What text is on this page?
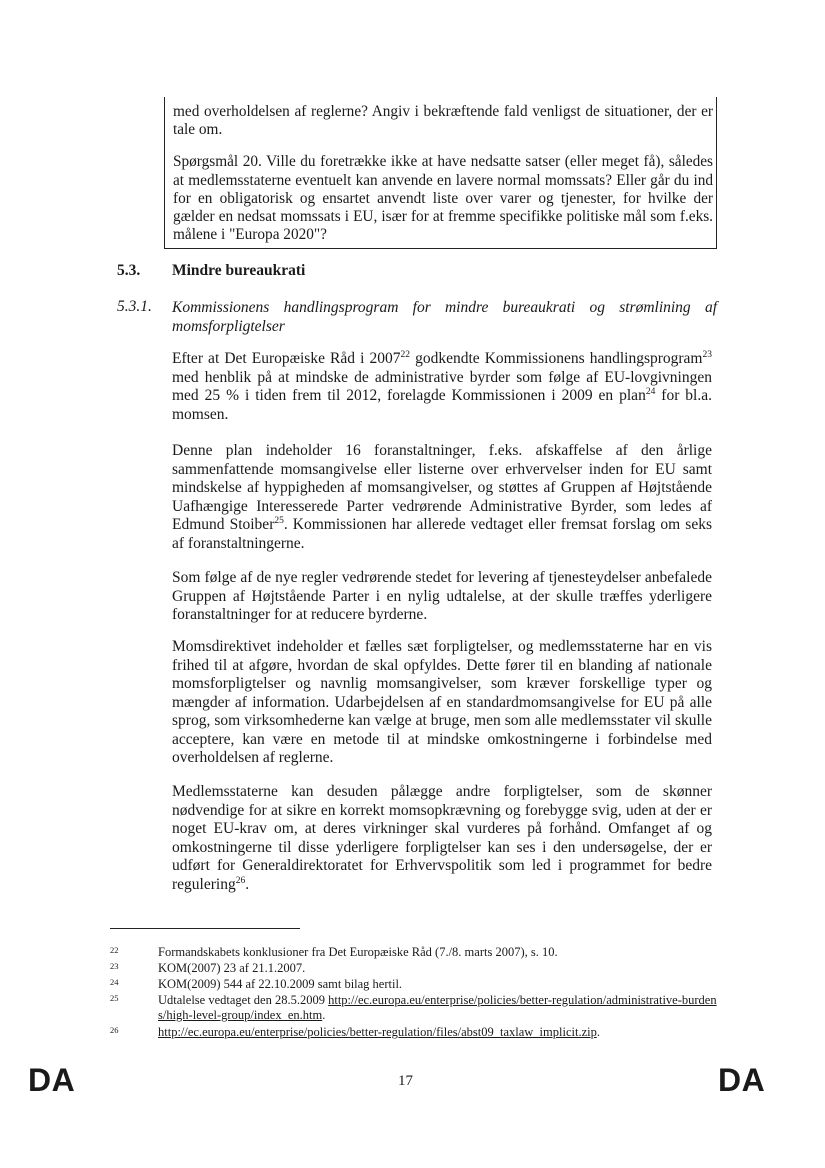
med overholdelsen af reglerne? Angiv i bekræftende fald venligst de situationer, der er tale om.

Spørgsmål 20. Ville du foretrække ikke at have nedsatte satser (eller meget få), således at medlemsstaterne eventuelt kan anvende en lavere normal momssats? Eller går du ind for en obligatorisk og ensartet anvendt liste over varer og tjenester, for hvilke der gælder en nedsat momssats i EU, især for at fremme specifikke politiske mål som f.eks. målene i "Europa 2020"?

5.3. Mindre bureaukrati
5.3.1. Kommissionens handlingsprogram for mindre bureaukrati og strømlining af momsforpligtelser

Efter at Det Europæiske Råd i 2007$^{22}$ godkendte Kommissionens handlingsprogram$^{23}$ med henblik på at mindske de administrative byrder som følge af EU-lovgivningen med 25 % i tiden frem til 2012, forelagde Kommissionen i 2009 en plan$^{24}$ for bl.a. momsen.

Denne plan indeholder 16 foranstaltninger, f.eks. afskaffelse af den årlige sammenfattende momsangivelse eller listerne over erhvervelser inden for EU samt mindskelse af hyppigheden af momsangivelser, og støttes af Gruppen af Højtstående Uafhængige Interesserede Parter vedrørende Administrative Byrder, som ledes af Edmund Stoiber$^{25}$. Kommissionen har allerede vedtaget eller fremsat forslag om seks af foranstaltningerne.

Som følge af de nye regler vedrørende stedet for levering af tjenesteydelser anbefalede Gruppen af Højtstående Parter i en nylig udtalelse, at der skulle træffes yderligere foranstaltninger for at reducere byrderne.

Momsdirektivet indeholder et fælles sæt forpligtelser, og medlemsstaterne har en vis frihed til at afgøre, hvordan de skal opfyldes. Dette fører til en blanding af nationale momsforpligtelser og navnlig momsangivelser, som kræver forskellige typer og mængder af information. Udarbejdelsen af en standardmomsangivelse for EU på alle sprog, som virksomhederne kan vælge at bruge, men som alle medlemsstater vil skulle acceptere, kan være en metode til at mindske omkostningerne i forbindelse med overholdelsen af reglerne.

Medlemsstaterne kan desuden pålægge andre forpligtelser, som de skønner nødvendige for at sikre en korrekt momsopkrævning og forebygge svig, uden at der er noget EU-krav om, at deres virkninger skal vurderes på forhånd. Omfanget af og omkostningerne til disse yderligere forpligtelser kan ses i den undersøgelse, der er udført for Generaldirektoratet for Erhvervspolitik som led i programmet for bedre regulering$^{26}$.

22	Formandskabets konklusioner fra Det Europæiske Råd (7./8. marts 2007), s. 10.
23	KOM(2007) 23 af 21.1.2007.
24	KOM(2009) 544 af 22.10.2009 samt bilag hertil.
25	Udtalelse vedtaget den 28.5.2009 http://ec.europa.eu/enterprise/policies/better-regulation/administrative-burdens/high-level-group/index_en.htm.
26	http://ec.europa.eu/enterprise/policies/better-regulation/files/abst09_taxlaw_implicit.zip.
DA	17	DA
